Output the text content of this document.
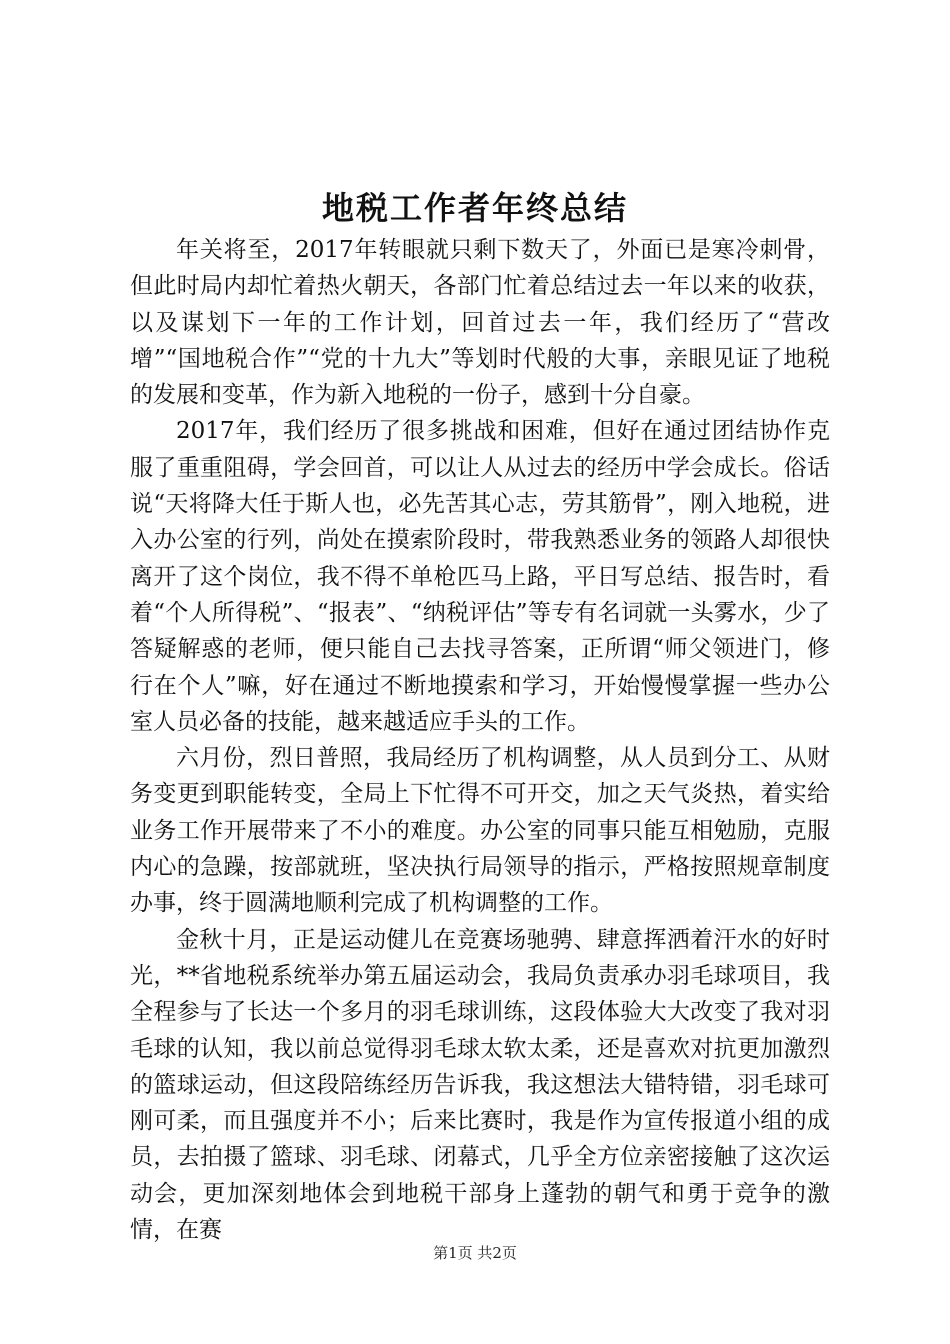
地税工作者年终总结

年关将至，2017年转眼就只剩下数天了，外面已是寒冷刺骨，但此时局内却忙着热火朝天，各部门忙着总结过去一年以来的收获，以及谋划下一年的工作计划，回首过去一年，我们经历了“营改增”“国地税合作”“党的十九大”等划时代般的大事，亲眼见证了地税的发展和变革，作为新入地税的一份子，感到十分自豪。

2017年，我们经历了很多挑战和困难，但好在通过团结协作克服了重重阻碍，学会回首，可以让人从过去的经历中学会成长。俗话说“天将降大任于斯人也，必先苦其心志，劳其筋骨”，刚入地税，进入办公室的行列，尚处在摸索阶段时，带我熟悉业务的领路人却很快离开了这个岗位，我不得不单枪匹马上路，平日写总结、报告时，看着“个人所得税”、“报表”、“纳税评估”等专有名词就一头雾水，少了答疑解惑的老师，便只能自己去找寻答案，正所谓“师父领进门，修行在个人”嘛，好在通过不断地摸索和学习，开始慢慢掌握一些办公室人员必备的技能，越来越适应手头的工作。

六月份，烈日普照，我局经历了机构调整，从人员到分工、从财务变更到职能转变，全局上下忙得不可开交，加之天气炎热，着实给业务工作开展带来了不小的难度。办公室的同事只能互相勉励，克服内心的急躁，按部就班，坚决执行局领导的指示，严格按照规章制度办事，终于圆满地顺利完成了机构调整的工作。

金秋十月，正是运动健儿在竞赛场驰骋、肆意挥洒着汗水的好时光，**省地税系统举办第五届运动会，我局负责承办羽毛球项目，我全程参与了长达一个多月的羽毛球训练，这段体验大大改变了我对羽毛球的认知，我以前总觉得羽毛球太软太柔，还是喜欢对抗更加激烈的篮球运动，但这段陪练经历告诉我，我这想法大错特错，羽毛球可刚可柔，而且强度并不小；后来比赛时，我是作为宣传报道小组的成员，去拍摄了篮球、羽毛球、闭幕式，几乎全方位亲密接触了这次运动会，更加深刻地体会到地税干部身上蓬勃的朝气和勇于竞争的激情，在赛

第1页 共2页
